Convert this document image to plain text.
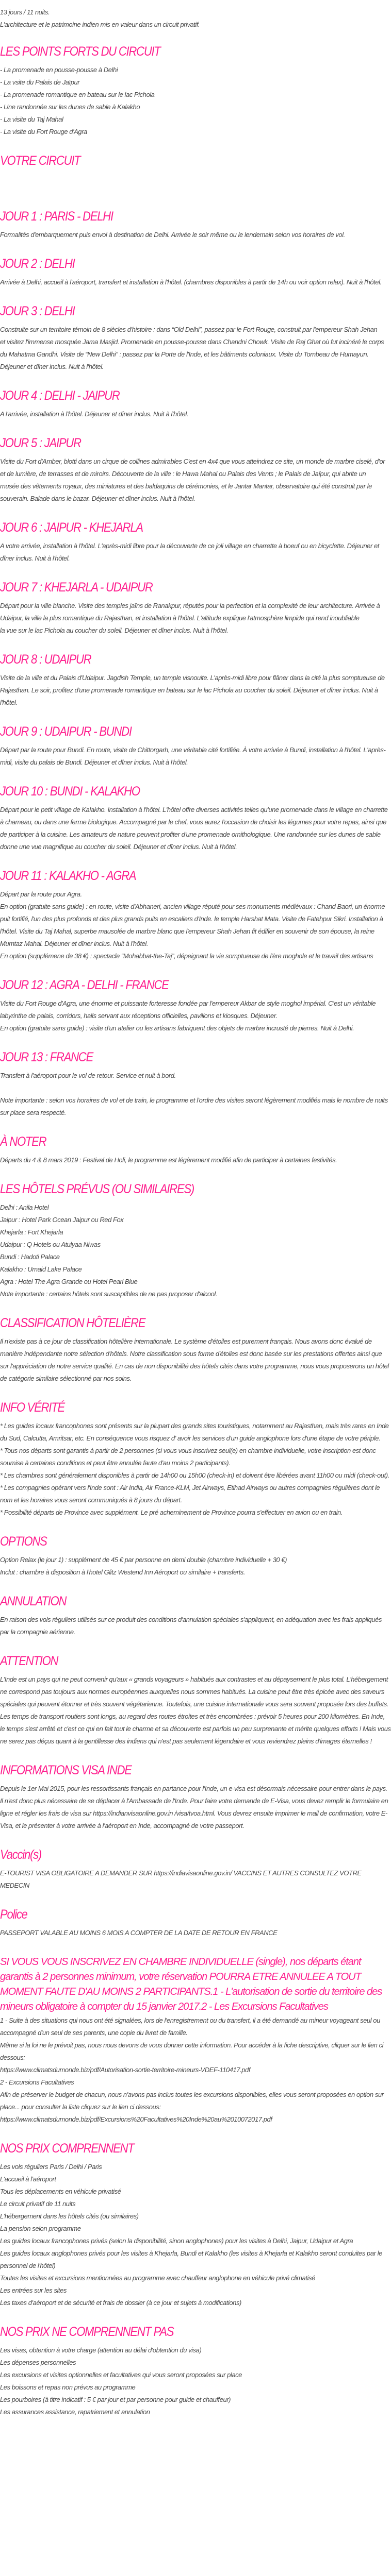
13 jours / 11 nuits.

L'architecture et le patrimoine indien mis en valeur dans un circuit privatif.

LES POINTS FORTS DU CIRCUIT

- La promenade en pousse-pousse à Delhi

- La vsite du Palais de Jaïpur

- La promenade romantique en bateau sur le lac Pichola

- Une randonnée sur les dunes de sable à Kalakho

- La visite du Taj Mahal

- La visite du Fort Rouge d'Agra

VOTRE CIRCUIT
JOUR 1 : PARIS - DELHI

Formalités d'embarquement puis envol à destination de Delhi. Arrivée le soir même ou le lendemain selon vos horaires de vol.

JOUR 2 : DELHI

Arrivée à Delhi, accueil à l'aéroport, transfert et installation à l'hôtel. (chambres disponibles à partir de 14h ou voir option relax). Nuit à l'hôtel.

JOUR 3 : DELHI

Construite sur un territoire témoin de 8 siècles d'histoire : dans “Old Delhi”, passez par le Fort Rouge, construit par l'empereur Shah Jehan

et visitez l'immense mosquée Jama Masjid. Promenade en pousse-pousse dans Chandni Chowk. Visite de Raj Ghat où fut incinéré le corps du Mahatma Gandhi. Visite de “New Delhi” : passez par la Porte de l'Inde, et les bâtiments coloniaux. Visite du Tombeau de Humayun. Déjeuner et dîner inclus. Nuit à l'hôtel.

JOUR 4 : DELHI - JAIPUR

A l'arrivée, installation à l'hôtel. Déjeuner et dîner inclus. Nuit à l'hôtel.

JOUR 5 : JAIPUR

Visite du Fort d'Amber, blotti dans un cirque de collines admirables C'est en 4x4 que vous atteindrez ce site, un monde de marbre ciselé, d'or et de lumière, de terrasses et de miroirs. Découverte de la ville : le Hawa Mahal ou Palais des Vents ; le Palais de Jaïpur, qui abrite un

musée des vêtements royaux, des miniatures et des baldaquins de cérémonies, et le Jantar Mantar, observatoire qui été construit par le souverain. Balade dans le bazar. Déjeuner et dîner inclus. Nuit à l'hôtel.

JOUR 6 : JAIPUR - KHEJARLA

A votre arrivée, installation à l'hôtel. L'après-midi libre pour la découverte de ce joli village en charrette à boeuf ou en bicyclette. Déjeuner et dîner inclus. Nuit à l'hôtel.

JOUR 7 : KHEJARLA - UDAIPUR

Départ pour la ville blanche. Visite des temples jaïns de Ranakpur, réputés pour la perfection et la complexité de leur architecture. Arrivée à Udaipur, la ville la plus romantique du Rajasthan, et installation à l'hôtel. L'altitude explique l'atmosphère limpide qui rend inoubliable

la vue sur le lac Pichola au coucher du soleil. Déjeuner et dîner inclus. Nuit à l'hôtel.

JOUR 8 : UDAIPUR

Visite de la ville et du Palais d'Udaipur. Jagdish Temple, un temple visnouite. L'après-midi libre pour flâner dans la cité la plus somptueuse de Rajasthan. Le soir, profitez d'une promenade romantique en bateau sur le lac Pichola au coucher du soleil. Déjeuner et dîner inclus. Nuit à l'hôtel.

JOUR 9 : UDAIPUR - BUNDI

Départ par la route pour Bundi. En route, visite de Chittorgarh, une véritable cité fortifiée. À votre arrivée à Bundi, installation à l'hôtel. L'après-midi, visite du palais de Bundi. Déjeuner et dîner inclus. Nuit à l'hôtel.

JOUR 10 : BUNDI - KALAKHO

Départ pour le petit village de Kalakho. Installation à l'hôtel. L'hôtel offre diverses activités telles qu'une promenade dans le village en charrette à chameau, ou dans une ferme biologique. Accompagné par le chef, vous aurez l'occasion de choisir les légumes pour votre repas, ainsi que de participer à la cuisine. Les amateurs de nature peuvent profiter d'une promenade ornithologique. Une randonnée sur les dunes de sable donne une vue magnifique au coucher du soleil. Déjeuner et dîner inclus. Nuit à l'hôtel.

JOUR 11 : KALAKHO - AGRA

Départ par la route pour Agra.

En option (gratuite sans guide) : en route, visite d'Abhaneri, ancien village réputé pour ses monuments médiévaux : Chand Baori, un énorme puit fortifié, l'un des plus profonds et des plus grands puits en escaliers d'Inde. le temple Harshat Mata. Visite de Fatehpur Sikri. Installation à l'hôtel. Visite du Taj Mahal, superbe mausolée de marbre blanc que l'empereur Shah Jehan fit édifier en souvenir de son épouse, la reine Mumtaz Mahal. Déjeuner et dîner inclus. Nuit à l'hôtel.

En option (supplémene de 38 €) : spectacle “Mohabbat-the-Taj”, dépeignant la vie somptueuse de l'ère moghole et le travail des artisans

JOUR 12 : AGRA - DELHI - FRANCE

Visite du Fort Rouge d'Agra, une énorme et puissante forteresse fondée par l'empereur Akbar de style moghol impérial. C'est un véritable labyrinthe de palais, corridors, halls servant aux réceptions officielles, pavillons et kiosques. Déjeuner.

En option (gratuite sans guide) : visite d'un atelier ou les artisans fabriquent des objets de marbre incrusté de pierres. Nuit à Delhi.

JOUR 13 : FRANCE

Transfert à l'aéroport pour le vol de retour. Service et nuit à bord.

Note importante : selon vos horaires de vol et de train, le programme et l'ordre des visites seront légèrement modifiés mais le nombre de nuits sur place sera respecté.

À NOTER

Départs du 4 & 8 mars 2019 : Festival de Holi, le programme est légèrement modifié afin de participer à certaines festivités.

LES HÔTELS PRÉVUS (OU SIMILAIRES)

Delhi : Anila Hotel

Jaipur : Hotel Park Ocean Jaipur ou Red Fox

Khejarla : Fort Khejarla

Udaipur : Q Hotels ou Atulyaa Niwas

Bundi : Hadoti Palace

Kalakho : Umaid Lake Palace

Agra : Hotel The Agra Grande ou Hotel Pearl Blue

Note importante : certains hôtels sont susceptibles de ne pas proposer d'alcool.

CLASSIFICATION HÔTELIÈRE

Il n'existe pas à ce jour de classification hôtelière internationale. Le système d'étoiles est purement français. Nous avons donc évalué de manière indépendante notre sélection d'hôtels. Notre classification sous forme d'étoiles est donc basée sur les prestations offertes ainsi que sur l'appréciation de notre service qualité. En cas de non disponibilité des hôtels cités dans votre programme, nous vous proposerons un hôtel de catégorie similaire sélectionné par nos soins.

INFO VÉRITÉ

* Les guides locaux francophones sont présents sur la plupart des grands sites touristiques, notamment au Rajasthan, mais très rares en Inde du Sud, Calcutta, Amritsar, etc. En conséquence vous risquez d' avoir les services d'un guide anglophone lors d'une étape de votre périple.

* Tous nos départs sont garantis à partir de 2 personnes (si vous vous inscrivez seul(e) en chambre individuelle, votre inscription est donc soumise à certaines conditions et peut être annulée faute d'au moins 2 participants).

* Les chambres sont généralement disponibles à partir de 14h00 ou 15h00 (check-in) et doivent être libérées avant 11h00 ou midi (check-out).

* Les compagnies opérant vers l'Inde sont : Air India, Air France-KLM, Jet Airways, Etihad Airways ou autres compagnies régulières dont le nom et les horaires vous seront communiqués à 8 jours du départ.

* Possibilité départs de Province avec supplément. Le pré acheminement de Province pourra s'effectuer en avion ou en train.

OPTIONS

Option Relax (le jour 1) : supplément de 45 € par personne en demi double (chambre individuelle + 30 €)

Inclut : chambre à disposition à l'hotel Glitz Westend Inn Aéroport ou similaire + transferts.

ANNULATION

En raison des vols réguliers utilisés sur ce produit des conditions d'annulation spéciales s'appliquent, en adéquation avec les frais appliqués par la compagnie aérienne.

ATTENTION

L'Inde est un pays qui ne peut convenir qu'aux « grands voyageurs » habitués aux contrastes et au dépaysement le plus total. L'hébergement ne correspond pas toujours aux normes européennes auxquelles nous sommes habitués. La cuisine peut être très épicée avec des saveurs spéciales qui peuvent étonner et très souvent végétarienne. Toutefois, une cuisine internationale vous sera souvent proposée lors des buffets. Les temps de transport routiers sont longs, au regard des routes étroites et très encombrées : prévoir 5 heures pour 200 kilomètres. En Inde, le temps s'est arrêté et c'est ce qui en fait tout le charme et sa découverte est parfois un peu surprenante et mérite quelques efforts ! Mais vous ne serez pas déçus quant à la gentillesse des indiens qui n'est pas seulement légendaire et vous reviendrez pleins d'images éternelles !

INFORMATIONS VISA INDE

Depuis le 1er Mai 2015, pour les ressortissants français en partance pour l'Inde, un e-visa est désormais nécessaire pour entrer dans le pays. Il n'est donc plus nécessaire de se déplacer à l'Ambassade de l'Inde. Pour faire votre demande de E-Visa, vous devez remplir le formulaire en ligne et régler les frais de visa sur https://indianvisaonline.gov.in /visa/tvoa.html. Vous devrez ensuite imprimer le mail de confirmation, votre E-Visa, et le présenter à votre arrivée à l'aéroport en Inde, accompagné de votre passeport.

Vaccin(s)

E-TOURIST VISA OBLIGATOIRE A DEMANDER SUR https://indiavisaonline.gov.in/ VACCINS ET AUTRES CONSULTEZ VOTRE MEDECIN

Police

PASSEPORT VALABLE AU MOINS 6 MOIS A COMPTER DE LA DATE DE RETOUR EN FRANCE

SI VOUS VOUS INSCRIVEZ EN CHAMBRE INDIVIDUELLE (single), nos départs étant garantis à 2 personnes minimum, votre réservation POURRA ETRE ANNULEE A TOUT MOMENT FAUTE D'AU MOINS 2 PARTICIPANTS.1 - L'autorisation de sortie du territoire des mineurs obligatoire à compter du 15 janvier 2017.2 - Les Excursions Facultatives

1 - Suite à des situations qui nous ont été signalées, lors de l'enregistrement ou du transfert, il a été demandé au mineur voyageant seul ou accompagné d'un seul de ses parents, une copie du livret de famille.

Même si la loi ne le prévoit pas, nous nous devons de vous donner cette information. Pour accéder à la fiche descriptive, cliquer sur le lien ci dessous:

https://www.climatsdumonde.biz/pdf/Autorisation-sortie-territoire-mineurs-VDEF-110417.pdf

2 - Excursions Facultatives

Afin de préserver le budget de chacun, nous n'avons pas inclus toutes les excursions disponibles, elles vous seront proposées en option sur place... pour consulter la liste cliquez sur le lien ci dessous:

https://www.climatsdumonde.biz/pdf/Excursions%20Facultatives%20Inde%20au%2010072017.pdf

NOS PRIX COMPRENNENT

Les vols réguliers Paris / Delhi / Paris

L'accueil à l'aéroport

Tous les déplacements en véhicule privatisé

Le circuit privatif de 11 nuits

L'hébergement dans les hôtels cités (ou similaires)

La pension selon programme

Les guides locaux francophones privés (selon la disponibilité, sinon anglophones) pour les visites à Delhi, Jaipur, Udaipur et Agra

Les guides locaux anglophones privés pour les visites à Khejarla, Bundi et Kalakho (les visites à Khejarla et Kalakho seront conduites par le personnel de l'hôtel)

Toutes les visites et excursions mentionnées au programme avec chauffeur anglophone en véhicule privé climatisé

Les entrées sur les sites

Les taxes d'aéroport et de sécurité et frais de dossier (à ce jour et sujets à modifications)

NOS PRIX NE COMPRENNENT PAS

Les visas, obtention à votre charge (attention au délai d'obtention du visa)

Les dépenses personnelles

Les excursions et visites optionnelles et facultatives qui vous seront proposées sur place

Les boissons et repas non prévus au programme

Les pourboires (à titre indicatif : 5 € par jour et par personne pour guide et chauffeur)

Les assurances assistance, rapatriement et annulation
